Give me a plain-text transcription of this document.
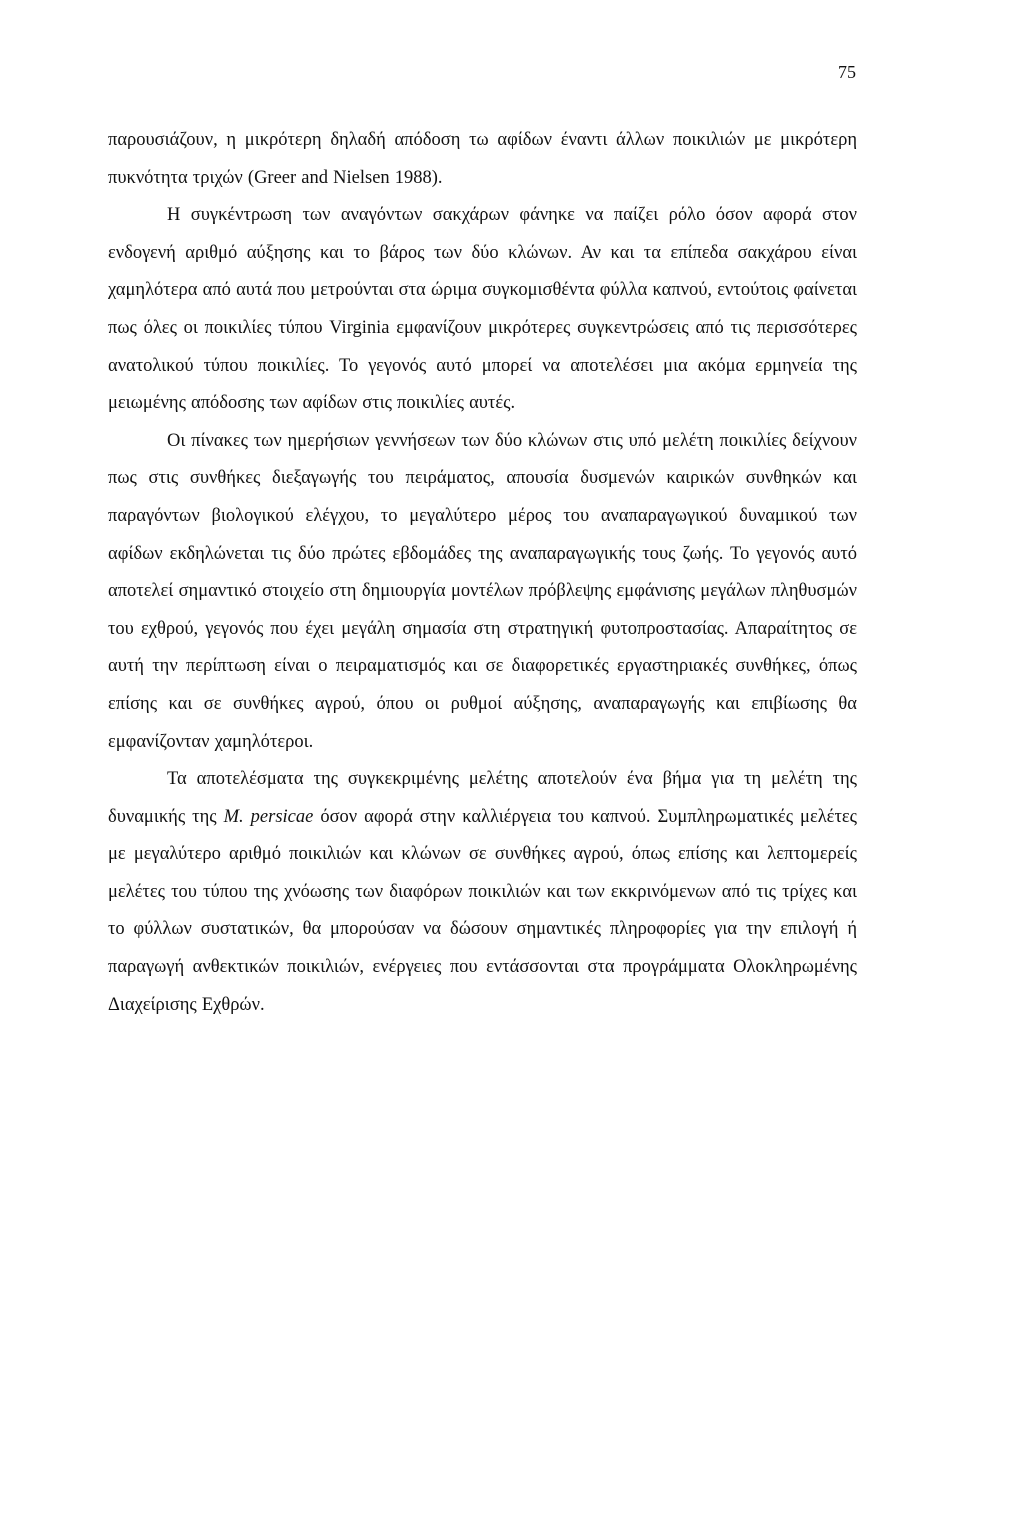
75

παρουσιάζουν, η μικρότερη δηλαδή απόδοση τω αφίδων έναντι άλλων ποικιλιών με μικρότερη πυκνότητα τριχών (Greer and Nielsen 1988).

Η συγκέντρωση των αναγόντων σακχάρων φάνηκε να παίζει ρόλο όσον αφορά στον ενδογενή αριθμό αύξησης και το βάρος των δύο κλώνων. Αν και τα επίπεδα σακχάρου είναι χαμηλότερα από αυτά που μετρούνται στα ώριμα συγκομισθέντα φύλλα καπνού, εντούτοις φαίνεται πως όλες οι ποικιλίες τύπου Virginia εμφανίζουν μικρότερες συγκεντρώσεις από τις περισσότερες ανατολικού τύπου ποικιλίες. Το γεγονός αυτό μπορεί να αποτελέσει μια ακόμα ερμηνεία της μειωμένης απόδοσης των αφίδων στις ποικιλίες αυτές.

Οι πίνακες των ημερήσιων γεννήσεων των δύο κλώνων στις υπό μελέτη ποικιλίες δείχνουν πως στις συνθήκες διεξαγωγής του πειράματος, απουσία δυσμενών καιρικών συνθηκών και παραγόντων βιολογικού ελέγχου, το μεγαλύτερο μέρος του αναπαραγωγικού δυναμικού των αφίδων εκδηλώνεται τις δύο πρώτες εβδομάδες της αναπαραγωγικής τους ζωής. Το γεγονός αυτό αποτελεί σημαντικό στοιχείο στη δημιουργία μοντέλων πρόβλεψης εμφάνισης μεγάλων πληθυσμών του εχθρού, γεγονός που έχει μεγάλη σημασία στη στρατηγική φυτοπροστασίας. Απαραίτητος σε αυτή την περίπτωση είναι ο πειραματισμός και σε διαφορετικές εργαστηριακές συνθήκες, όπως επίσης και σε συνθήκες αγρού, όπου οι ρυθμοί αύξησης, αναπαραγωγής και επιβίωσης θα εμφανίζονταν χαμηλότεροι.

Τα αποτελέσματα της συγκεκριμένης μελέτης αποτελούν ένα βήμα για τη μελέτη της δυναμικής της M. persicae όσον αφορά στην καλλιέργεια του καπνού. Συμπληρωματικές μελέτες με μεγαλύτερο αριθμό ποικιλιών και κλώνων σε συνθήκες αγρού, όπως επίσης και λεπτομερείς μελέτες του τύπου της χνόωσης των διαφόρων ποικιλιών και των εκκρινόμενων από τις τρίχες και το φύλλων συστατικών, θα μπορούσαν να δώσουν σημαντικές πληροφορίες για την επιλογή ή παραγωγή ανθεκτικών ποικιλιών, ενέργειες που εντάσσονται στα προγράμματα Ολοκληρωμένης Διαχείρισης Εχθρών.
